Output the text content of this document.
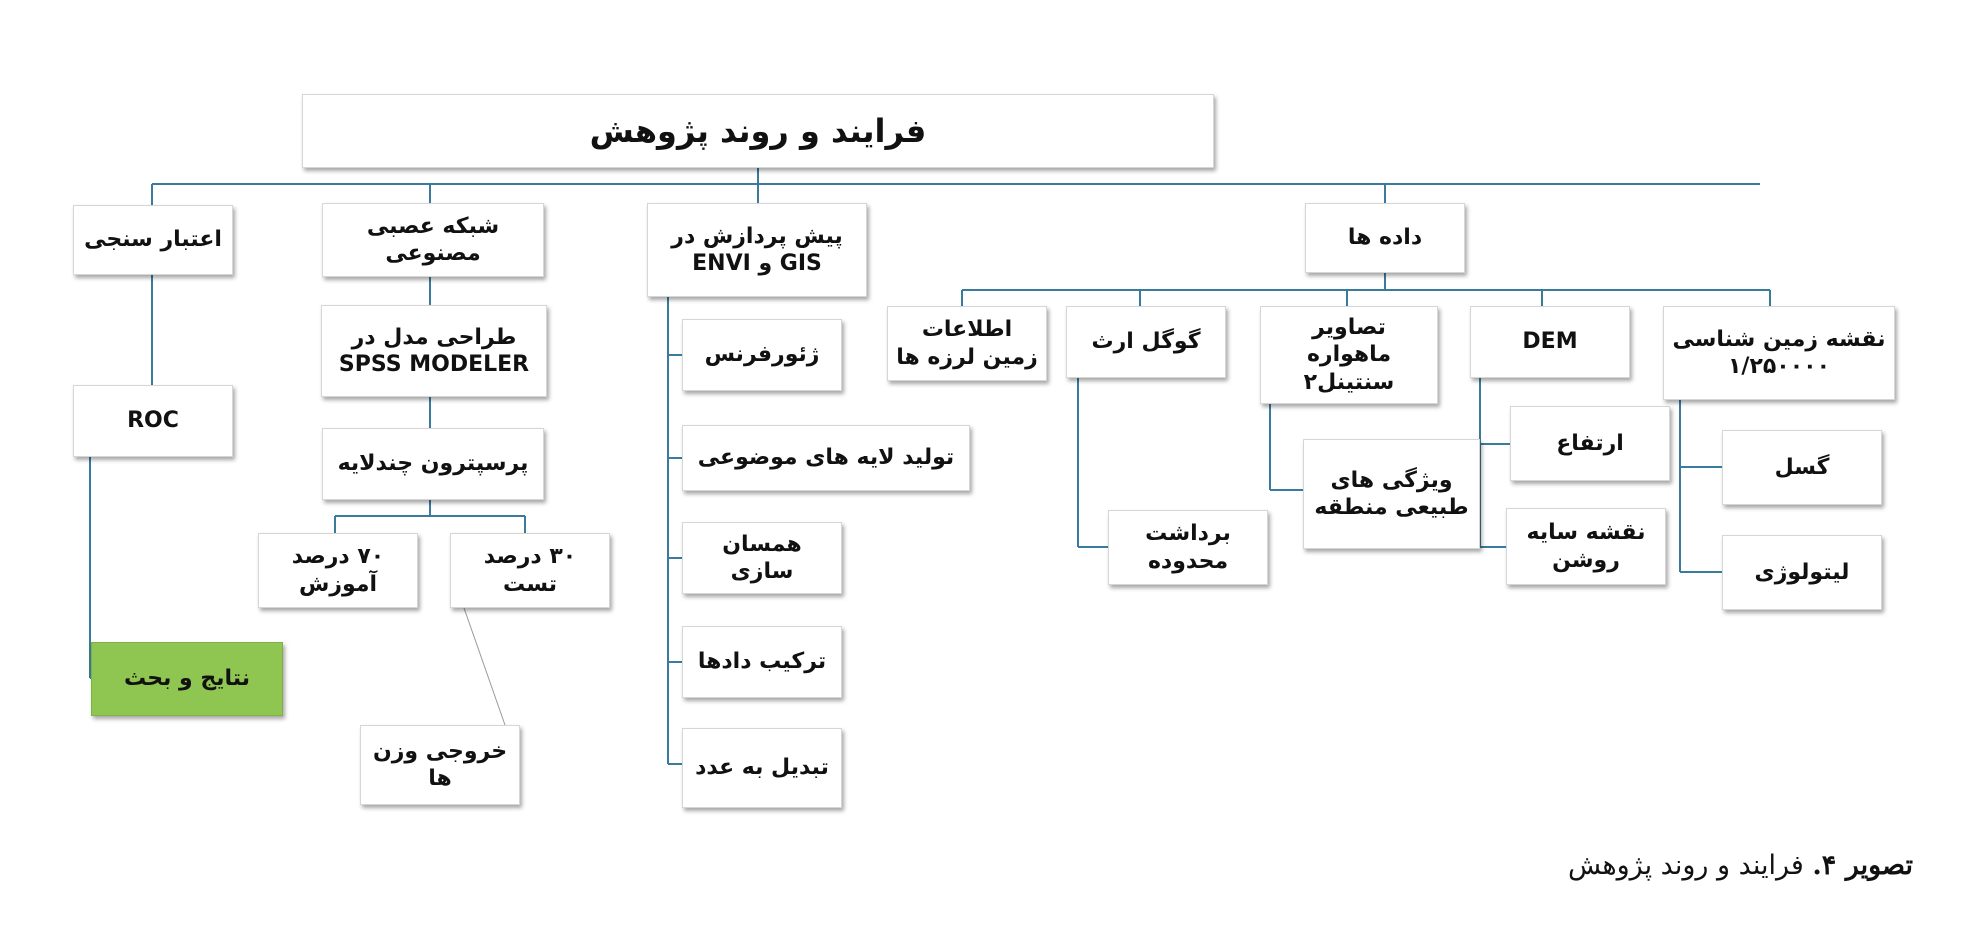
فرایند و روند پژوهش
اعتبار سنجی
ROC
نتایج و بحث
شبکه عصبی
مصنوعی
طراحی مدل در
SPSS MODELER
پرسپترون چندلایه
۷۰ درصد
آموزش
۳۰ درصد تست
خروجی وزن ها
پیش پردازش در
GIS و ENVI
ژئورفرنس
تولید لایه های موضوعی
همسان سازی
ترکیب دادها
تبدیل به عدد
داده ها
اطلاعات
زمین لرزه ها
گوگل ارث
برداشت
محدوده
تصاویر ماهواره
سنتینل۲
ویژگی های
طبیعی منطقه
DEM
ارتفاع
نقشه سایه
روشن
نقشه زمین شناسی
۱/۲۵۰۰۰۰
گسل
لیتولوژی
تصویر ۴. فرایند و روند پژوهش
